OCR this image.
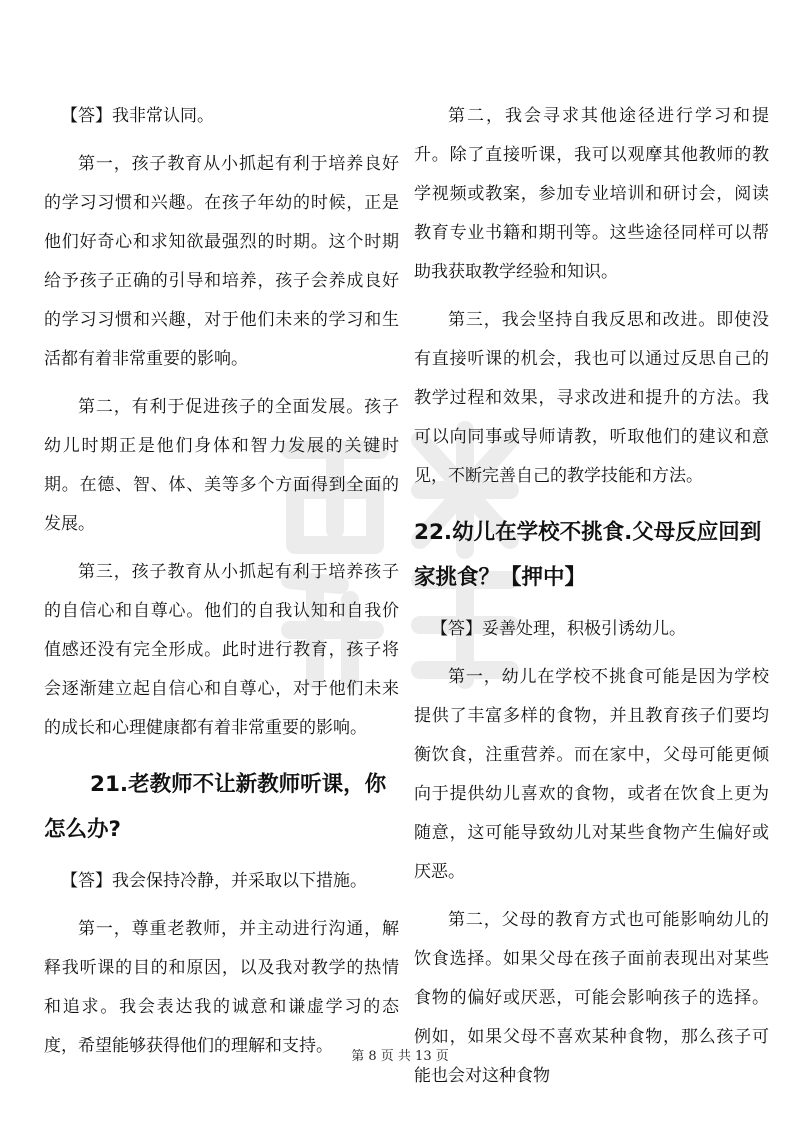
【答】我非常认同。

第一，孩子教育从小抓起有利于培养良好的学习习惯和兴趣。在孩子年幼的时候，正是他们好奇心和求知欲最强烈的时期。这个时期给予孩子正确的引导和培养，孩子会养成良好的学习习惯和兴趣，对于他们未来的学习和生活都有着非常重要的影响。

第二，有利于促进孩子的全面发展。孩子幼儿时期正是他们身体和智力发展的关键时期。在德、智、体、美等多个方面得到全面的发展。

第三，孩子教育从小抓起有利于培养孩子的自信心和自尊心。他们的自我认知和自我价值感还没有完全形成。此时进行教育，孩子将会逐渐建立起自信心和自尊心，对于他们未来的成长和心理健康都有着非常重要的影响。

21.老教师不让新教师听课，你怎么办?

【答】我会保持冷静，并采取以下措施。

第一，尊重老教师，并主动进行沟通，解释我听课的目的和原因，以及我对教学的热情和追求。我会表达我的诚意和谦虚学习的态度，希望能够获得他们的理解和支持。

第二，我会寻求其他途径进行学习和提升。除了直接听课，我可以观摩其他教师的教学视频或教案，参加专业培训和研讨会，阅读教育专业书籍和期刊等。这些途径同样可以帮助我获取教学经验和知识。

第三，我会坚持自我反思和改进。即使没有直接听课的机会，我也可以通过反思自己的教学过程和效果，寻求改进和提升的方法。我可以向同事或导师请教，听取他们的建议和意见，不断完善自己的教学技能和方法。

22.幼儿在学校不挑食.父母反应回到家挑食？【押中】

【答】妥善处理，积极引诱幼儿。

第一，幼儿在学校不挑食可能是因为学校提供了丰富多样的食物，并且教育孩子们要均衡饮食，注重营养。而在家中，父母可能更倾向于提供幼儿喜欢的食物，或者在饮食上更为随意，这可能导致幼儿对某些食物产生偏好或厌恶。

第二，父母的教育方式也可能影响幼儿的饮食选择。如果父母在孩子面前表现出对某些食物的偏好或厌恶，可能会影响孩子的选择。例如，如果父母不喜欢某种食物，那么孩子可能也会对这种食物

第 8 页 共 13 页
